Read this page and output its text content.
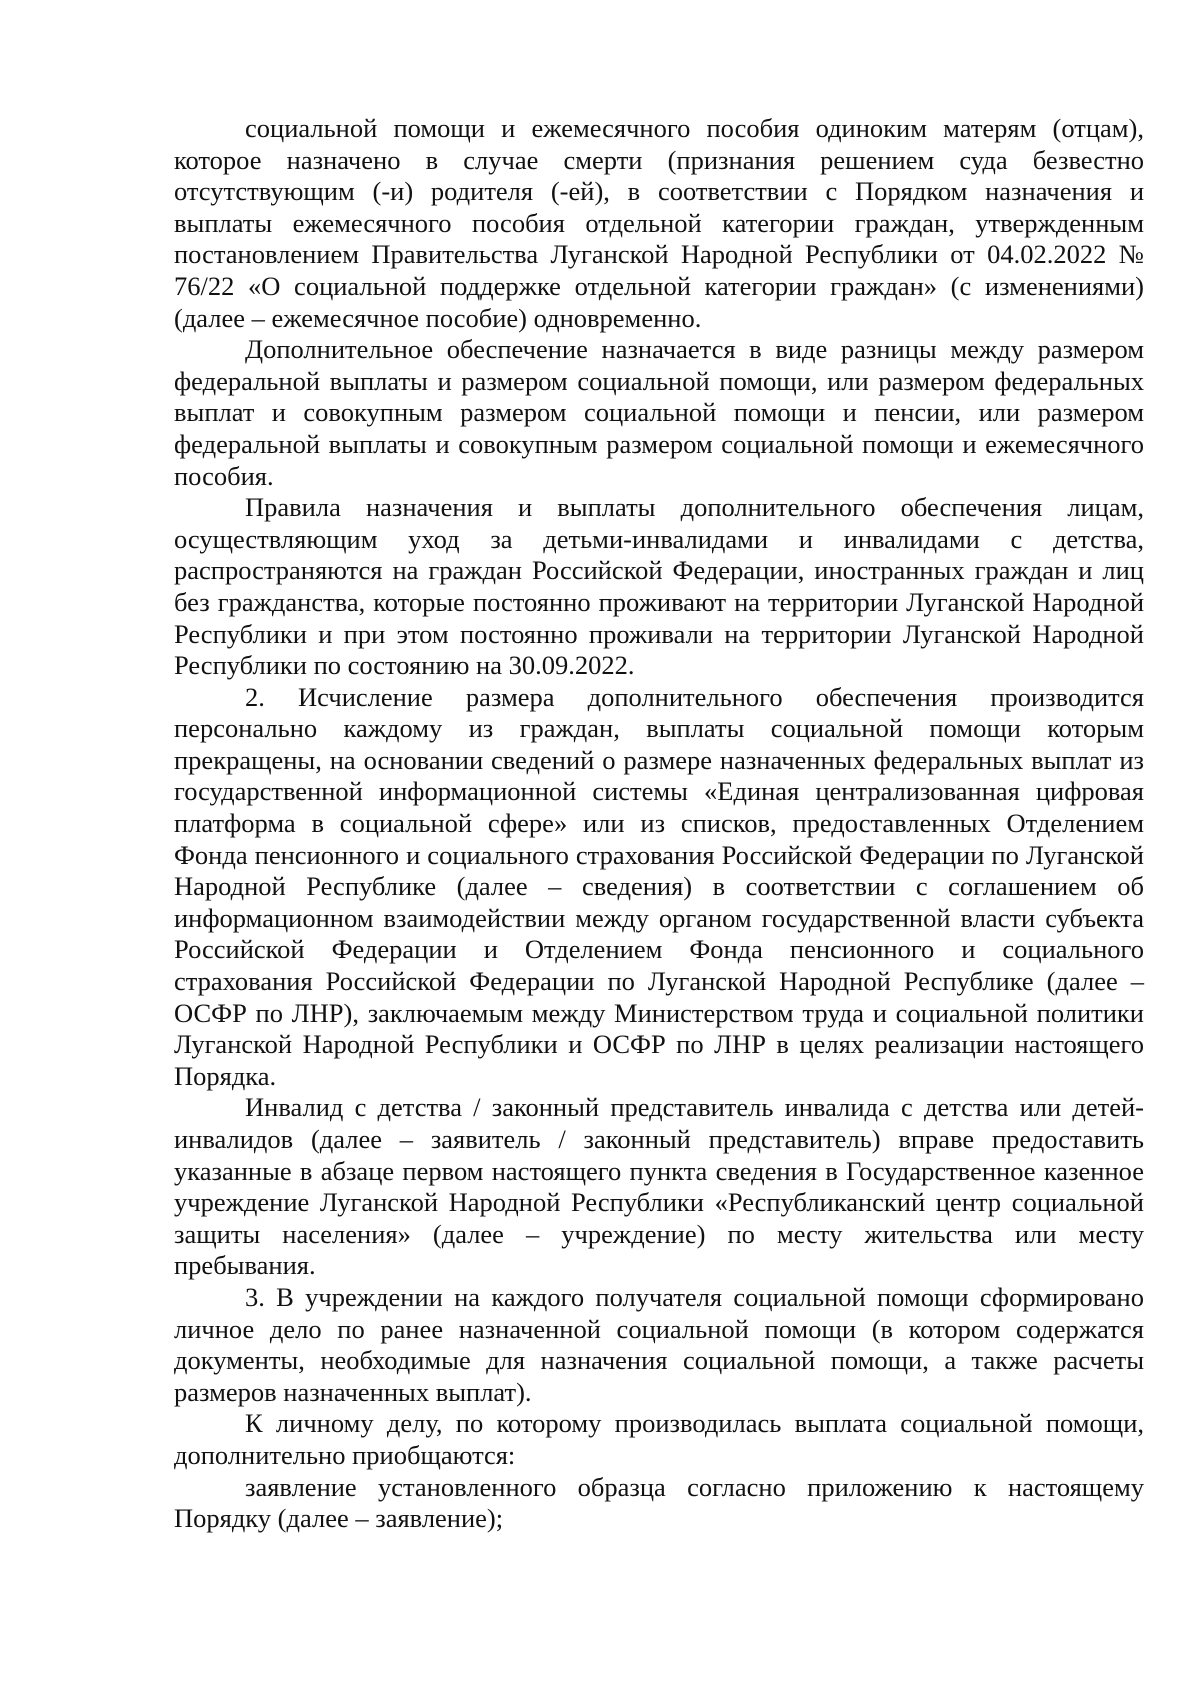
социальной помощи и ежемесячного пособия одиноким матерям (отцам), которое назначено в случае смерти (признания решением суда безвестно отсутствующим (-и) родителя (-ей), в соответствии с Порядком назначения и выплаты ежемесячного пособия отдельной категории граждан, утвержденным постановлением Правительства Луганской Народной Республики от 04.02.2022 № 76/22 «О социальной поддержке отдельной категории граждан» (с изменениями) (далее – ежемесячное пособие) одновременно.

Дополнительное обеспечение назначается в виде разницы между размером федеральной выплаты и размером социальной помощи, или размером федеральных выплат и совокупным размером социальной помощи и пенсии, или размером федеральной выплаты и совокупным размером социальной помощи и ежемесячного пособия.

Правила назначения и выплаты дополнительного обеспечения лицам, осуществляющим уход за детьми-инвалидами и инвалидами с детства, распространяются на граждан Российской Федерации, иностранных граждан и лиц без гражданства, которые постоянно проживают на территории Луганской Народной Республики и при этом постоянно проживали на территории Луганской Народной Республики по состоянию на 30.09.2022.

2. Исчисление размера дополнительного обеспечения производится персонально каждому из граждан, выплаты социальной помощи которым прекращены, на основании сведений о размере назначенных федеральных выплат из государственной информационной системы «Единая централизованная цифровая платформа в социальной сфере» или из списков, предоставленных Отделением Фонда пенсионного и социального страхования Российской Федерации по Луганской Народной Республике (далее – сведения) в соответствии с соглашением об информационном взаимодействии между органом государственной власти субъекта Российской Федерации и Отделением Фонда пенсионного и социального страхования Российской Федерации по Луганской Народной Республике (далее – ОСФР по ЛНР), заключаемым между Министерством труда и социальной политики Луганской Народной Республики и ОСФР по ЛНР в целях реализации настоящего Порядка.

Инвалид с детства / законный представитель инвалида с детства или детей-инвалидов (далее – заявитель / законный представитель) вправе предоставить указанные в абзаце первом настоящего пункта сведения в Государственное казенное учреждение Луганской Народной Республики «Республиканский центр социальной защиты населения» (далее – учреждение) по месту жительства или месту пребывания.

3. В учреждении на каждого получателя социальной помощи сформировано личное дело по ранее назначенной социальной помощи (в котором содержатся документы, необходимые для назначения социальной помощи, а также расчеты размеров назначенных выплат).

К личному делу, по которому производилась выплата социальной помощи, дополнительно приобщаются:

заявление установленного образца согласно приложению к настоящему Порядку (далее – заявление);
